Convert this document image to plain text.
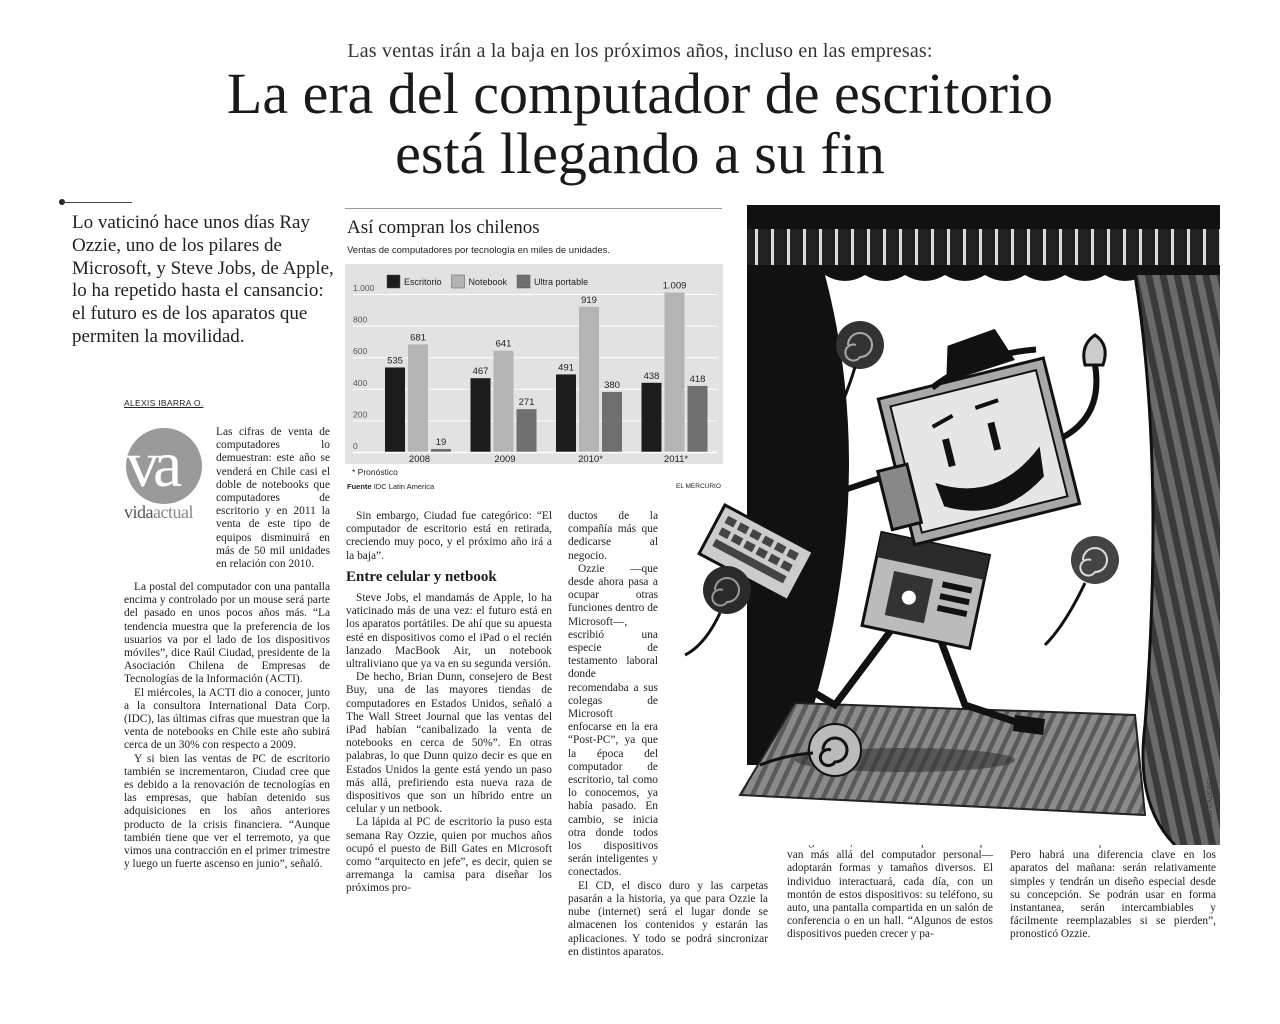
Las ventas irán a la baja en los próximos años, incluso en las empresas:
La era del computador de escritorio
está llegando a su fin
Lo vaticinó hace unos días Ray Ozzie, uno de los pilares de Microsoft, y Steve Jobs, de Apple, lo ha repetido hasta el cansancio: el futuro es de los aparatos que permiten la movilidad.
ALEXIS IBARRA O.
va
vidaactual

Las cifras de venta de computadores lo demuestran: este año se venderá en Chile casi el doble de notebooks que computadores de escritorio y en 2011 la venta de este tipo de equipos disminuirá en más de 50 mil unidades en relación con 2010.

La postal del computador con una pantalla encima y controlado por un mouse será parte del pasado en unos pocos años más. “La tendencia muestra que la preferencia de los usuarios va por el lado de los dispositivos móviles”, dice Raúl Ciudad, presidente de la Asociación Chilena de Empresas de Tecnologías de la Información (ACTI).

El miércoles, la ACTI dio a conocer, junto a la consultora International Data Corp. (IDC), las últimas cifras que muestran que la venta de notebooks en Chile este año subirá cerca de un 30% con respecto a 2009.

Y si bien las ventas de PC de escritorio también se incrementaron, Ciudad cree que es debido a la renovación de tecnologías en las empresas, que habían detenido sus adquisiciones en los años anteriores producto de la crisis financiera. “Aunque también tiene que ver el terremoto, ya que vimos una contracción en el primer trimestre y luego un fuerte ascenso en junio”, señaló.

Sin embargo, Ciudad fue categórico: “El computador de escritorio está en retirada, creciendo muy poco, y el próximo año irá a la baja”.

Entre celular y netbook

Steve Jobs, el mandamás de Apple, lo ha vaticinado más de una vez: el futuro está en los aparatos portátiles. De ahí que su apuesta esté en dispositivos como el iPad o el recién lanzado MacBook Air, un notebook ultraliviano que ya va en su segunda versión.

De hecho, Brian Dunn, consejero de Best Buy, una de las mayores tiendas de computadores en Estados Unidos, señaló a The Wall Street Journal que las ventas del iPad habían “canibalizado la venta de notebooks en cerca de 50%”. En otras palabras, lo que Dunn quizo decir es que en Estados Unidos la gente está yendo un paso más allá, prefiriendo esta nueva raza de dispositivos que son un híbrido entre un celular y un netbook.

La lápida al PC de escritorio la puso esta semana Ray Ozzie, quien por muchos años ocupó el puesto de Bill Gates en Microsoft como “arquitecto en jefe”, es decir, quien se arremanga la camisa para diseñar los próximos pro-

ductos de la compañía más que dedicarse al negocio.

Ozzie —que desde ahora pasa a ocupar otras funciones dentro de Microsoft—, escribió una especie de testamento laboral donde recomendaba a sus colegas de Microsoft enfocarse en la era “Post-PC”, ya que la época del computador de escritorio, tal como lo conocemos, ya había pasado. En cambio, se inicia otra donde todos los dispositivos serán inteligentes y conectados.

El CD, el disco duro y las carpetas pasarán a la historia, ya que para Ozzie la nube (internet) será el lugar donde se almacenen los contenidos y estarán las aplicaciones. Y todo se podrá sincronizar en distintos aparatos.

van más allá del computador personal— adoptarán formas y tamaños diversos. El individuo interactuará, cada día, con un montón de estos dispositivos: su teléfono, su auto, una pantalla compartida en un salón de conferencia o en un hall. “Algunos de estos dispositivos pueden crecer y pa-

Pero habrá una diferencia clave en los aparatos del mañana: serán relativamente simples y tendrán un diseño especial desde su concepción. Se podrán usar en forma instantanea, serán intercambiables y fácilmente reemplazables si se pierden”, pronosticó Ozzie.

Así compran los chilenos
Ventas de computadores por tecnología en miles de unidades.
0
200
400
600
800
1.000
535
681
19
2008
467
641
271
2009
491
919
380
2010*
438
1.009
418
2011*
Escritorio	Notebook	Ultra portable
* Pronóstico
Fuente IDC Latin America	EL MERCURIO
ALFREDO CÁCERES
